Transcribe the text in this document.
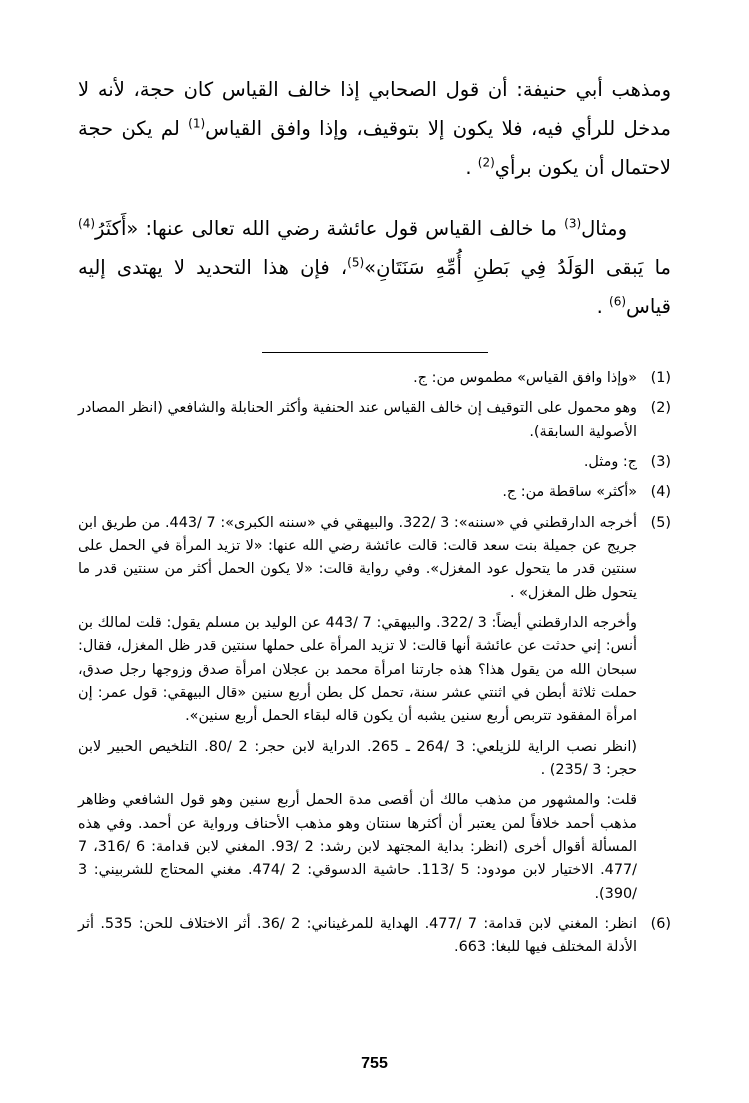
ومذهب أبي حنيفة: أن قول الصحابي إذا خالف القياس كان حجة، لأنه لا مدخل للرأي فيه، فلا يكون إلا بتوقيف، وإذا وافق القياس$^{(1)}$ لم يكن حجة لاحتمال أن يكون برأي$^{(2)}$ .

ومثال$^{(3)}$ ما خالف القياس قول عائشة رضي الله تعالى عنها: «أَكثَرُ$^{(4)}$ ما يَبقى الوَلَدُ فِي بَطنِ أُمِّهِ سَنَتَانِ»$^{(5)}$، فإن هذا التحديد لا يهتدى إليه قياس$^{(6)}$ .

(1)

«وإذا وافق القياس» مطموس من: ج.

(2)

وهو محمول على التوقيف إن خالف القياس عند الحنفية وأكثر الحنابلة والشافعي (انظر المصادر الأصولية السابقة).

(3)

ج: ومثل.

(4)

«أكثر» ساقطة من: ج.

(5)

أخرجه الدارقطني في «سننه»: 3 /322. والبيهقي في «سننه الكبرى»: 7 /443. من طريق ابن جريج عن جميلة بنت سعد قالت: قالت عائشة رضي الله عنها: «لا تزيد المرأة في الحمل على سنتين قدر ما يتحول عود المغزل». وفي رواية قالت: «لا يكون الحمل أكثر من سنتين قدر ما يتحول ظل المغزل» .

وأخرجه الدارقطني أيضاً: 3 /322. والبيهقي: 7 /443 عن الوليد بن مسلم يقول: قلت لمالك بن أنس: إني حدثت عن عائشة أنها قالت: لا تزيد المرأة على حملها سنتين قدر ظل المغزل، فقال: سبحان الله من يقول هذا؟ هذه جارتنا امرأة محمد بن عجلان امرأة صدق وزوجها رجل صدق، حملت ثلاثة أبطن في اثنتي عشر سنة، تحمل كل بطن أربع سنين «قال البيهقي: قول عمر: إن امرأة المفقود تتربص أربع سنين يشبه أن يكون قاله لبقاء الحمل أربع سنين».

(انظر نصب الراية للزيلعي: 3 /264 ـ 265. الدراية لابن حجر: 2 /80. التلخيص الحبير لابن حجر: 3 /235) .

قلت: والمشهور من مذهب مالك أن أقصى مدة الحمل أربع سنين وهو قول الشافعي وظاهر مذهب أحمد خلافاً لمن يعتبر أن أكثرها سنتان وهو مذهب الأحناف ورواية عن أحمد. وفي هذه المسألة أقوال أخرى (انظر: بداية المجتهد لابن رشد: 2 /93. المغني لابن قدامة: 6 /316، 7 /477. الاختيار لابن مودود: 5 /113. حاشية الدسوقي: 2 /474. مغني المحتاج للشربيني: 3 /390).

(6)

انظر: المغني لابن قدامة: 7 /477. الهداية للمرغيناني: 2 /36. أثر الاختلاف للحن: 535. أثر الأدلة المختلف فيها للبغا: 663.

755
